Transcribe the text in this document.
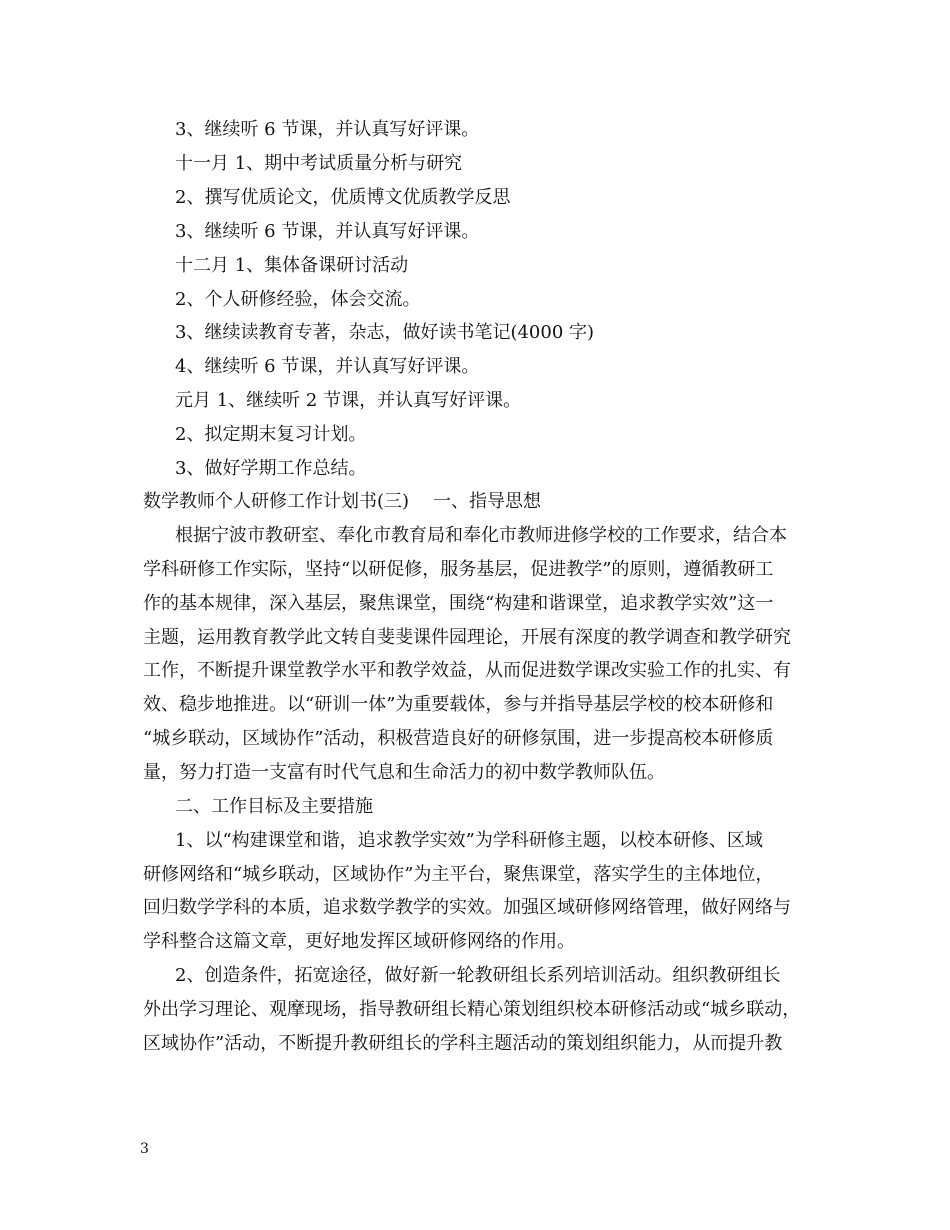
3、继续听 6 节课，并认真写好评课。
十一月 1、期中考试质量分析与研究
2、撰写优质论文，优质博文优质教学反思
3、继续听 6 节课，并认真写好评课。
十二月 1、集体备课研讨活动
2、个人研修经验，体会交流。
3、继续读教育专著，杂志，做好读书笔记(4000 字)
4、继续听 6 节课，并认真写好评课。
元月 1、继续听 2 节课，并认真写好评课。
2、拟定期末复习计划。
3、做好学期工作总结。
数学教师个人研修工作计划书(三) 一、指导思想
根据宁波市教研室、奉化市教育局和奉化市教师进修学校的工作要求，结合本
学科研修工作实际，坚持“以研促修，服务基层，促进教学”的原则，遵循教研工
作的基本规律，深入基层，聚焦课堂，围绕“构建和谐课堂，追求教学实效”这一
主题，运用教育教学此文转自斐斐课件园理论，开展有深度的教学调查和教学研究
工作，不断提升课堂教学水平和教学效益，从而促进数学课改实验工作的扎实、有
效、稳步地推进。以“研训一体”为重要载体，参与并指导基层学校的校本研修和
“城乡联动，区域协作”活动，积极营造良好的研修氛围，进一步提高校本研修质
量，努力打造一支富有时代气息和生命活力的初中数学教师队伍。
二、工作目标及主要措施
1、以“构建课堂和谐，追求教学实效”为学科研修主题，以校本研修、区域
研修网络和“城乡联动，区域协作”为主平台，聚焦课堂，落实学生的主体地位，
回归数学学科的本质，追求数学教学的实效。加强区域研修网络管理，做好网络与
学科整合这篇文章，更好地发挥区域研修网络的作用。
2、创造条件，拓宽途径，做好新一轮教研组长系列培训活动。组织教研组长
外出学习理论、观摩现场，指导教研组长精心策划组织校本研修活动或“城乡联动，
区域协作”活动，不断提升教研组长的学科主题活动的策划组织能力，从而提升教
3
